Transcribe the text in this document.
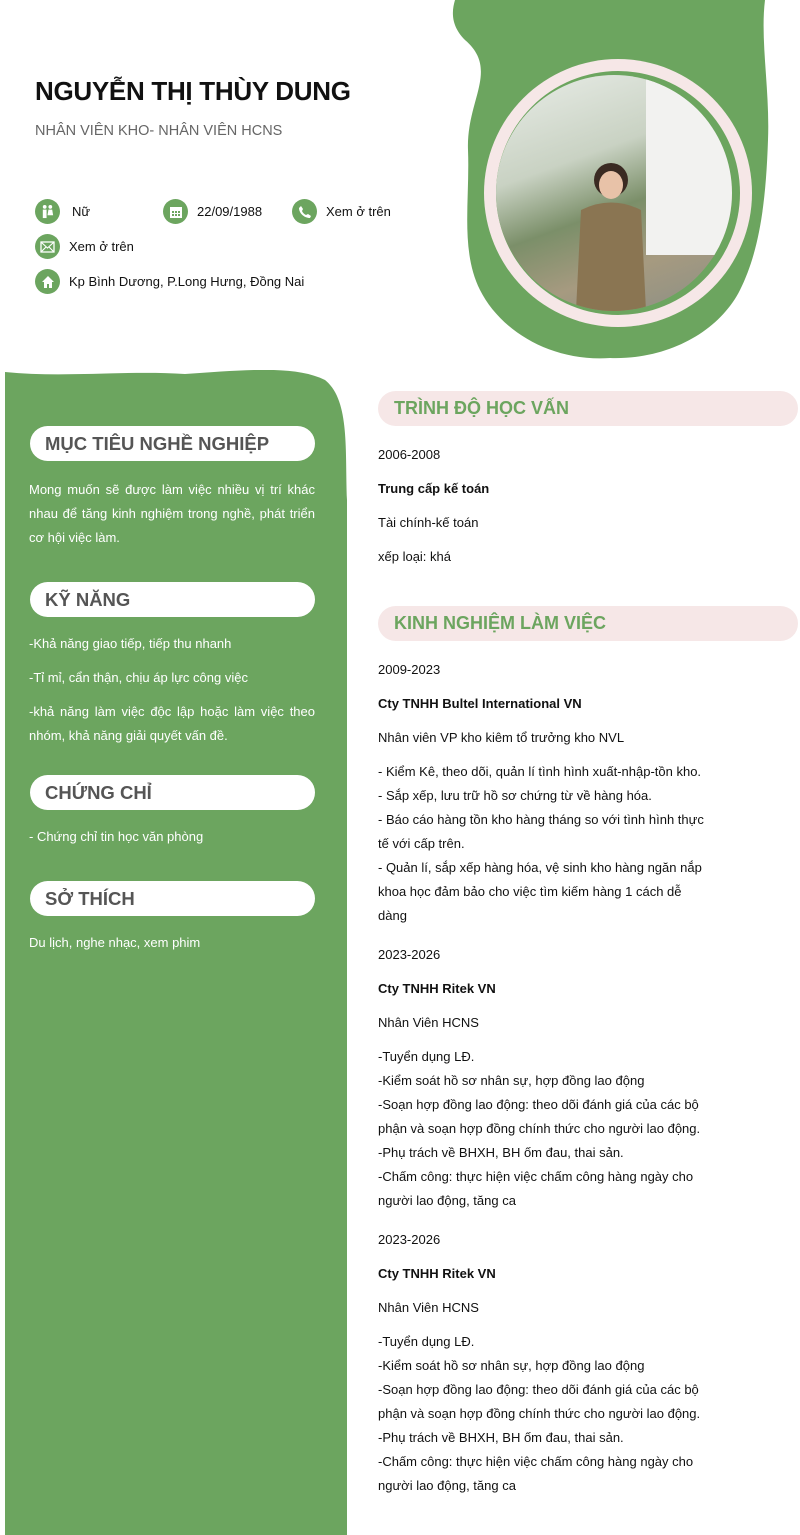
NGUYỄN THỊ THÙY DUNG
NHÂN VIÊN KHO- NHÂN VIÊN HCNS
Nữ	22/09/1988	Xem ở trên
Xem ở trên
Kp Bình Dương, P.Long Hưng, Đồng Nai
MỤC TIÊU NGHỀ NGHIỆP
Mong muốn sẽ được làm việc nhiều vị trí khác nhau để tăng kinh nghiệm trong nghề, phát triển cơ hội việc làm.
KỸ NĂNG
-Khả năng giao tiếp, tiếp thu nhanh
-Tỉ mỉ, cẩn thận, chịu áp lực công việc
-khả năng làm việc độc lập hoặc làm việc theo nhóm, khả năng giải quyết vấn đề.
CHỨNG CHỈ
- Chứng chỉ tin học văn phòng
SỞ THÍCH
Du lịch, nghe nhạc, xem phim
TRÌNH ĐỘ HỌC VẤN
2006-2008
Trung cấp kế toán
Tài chính-kế toán
xếp loại: khá
KINH NGHIỆM LÀM VIỆC
2009-2023
Cty TNHH Bultel International VN
Nhân viên VP kho kiêm tổ trưởng kho NVL
- Kiểm Kê, theo dõi, quản lí tình hình xuất-nhập-tồn kho.
- Sắp xếp, lưu trữ hồ sơ chứng từ về hàng hóa.
- Báo cáo hàng tồn kho hàng tháng so với tình hình thực tế với cấp trên.
- Quản lí, sắp xếp hàng hóa, vệ sinh kho hàng ngăn nắp khoa học đảm bảo cho việc tìm kiếm hàng 1 cách dễ dàng
2023-2026
Cty TNHH Ritek VN
Nhân Viên HCNS
-Tuyển dụng LĐ.
-Kiểm soát hồ sơ nhân sự, hợp đồng lao động
-Soạn hợp đồng lao động: theo dõi đánh giá của các bộ phận và soạn hợp đồng chính thức cho người lao động.
-Phụ trách về BHXH, BH ốm đau, thai sản.
-Chấm công: thực hiện việc chấm công hàng ngày cho người lao động, tăng ca
2023-2026
Cty TNHH Ritek VN
Nhân Viên HCNS
-Tuyển dụng LĐ.
-Kiểm soát hồ sơ nhân sự, hợp đồng lao động
-Soạn hợp đồng lao động: theo dõi đánh giá của các bộ phận và soạn hợp đồng chính thức cho người lao động.
-Phụ trách về BHXH, BH ốm đau, thai sản.
-Chấm công: thực hiện việc chấm công hàng ngày cho người lao động, tăng ca
